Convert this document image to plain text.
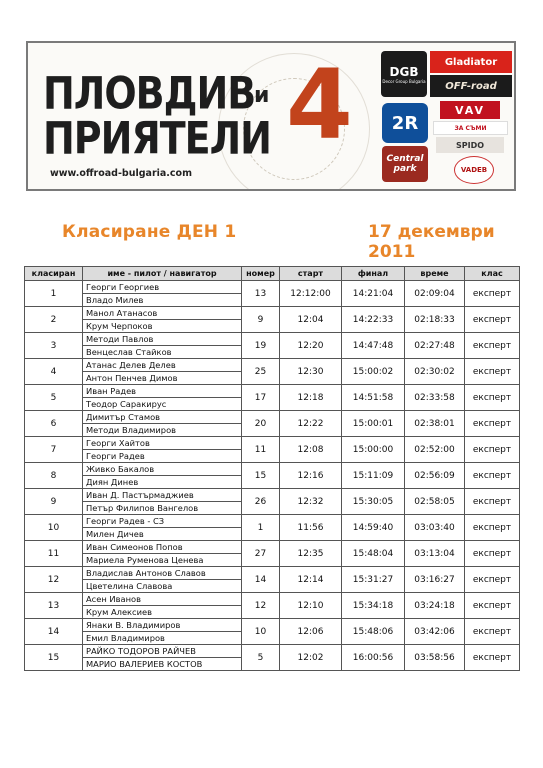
ПЛОВДИВ
и
ПРИЯТЕЛИ 4
www.offroad-bulgaria.com
DGB
Decor Group Bulgaria
Gladiator
OFF-road
2R
VAV
ЗА СЪМИ
SPIDO
Central park	VADEB
Класиране ДЕН 1	17 декември 2011
класиран	име - пилот / навигатор	номер	старт	финал	време	клас
1	Георги Георгиев	13	12:12:00	14:21:04	02:09:04	експерт
	Владо Милев					
2	Манол Атанасов	9	12:04	14:22:33	02:18:33	експерт
	Крум Черпоков					
3	Методи Павлов	19	12:20	14:47:48	02:27:48	експерт
	Венцеслав Стайков					
4	Атанас Делев Делев	25	12:30	15:00:02	02:30:02	експерт
	Антон Пенчев Димов					
5	Иван Радев	17	12:18	14:51:58	02:33:58	експерт
	Теодор Саракирус					
6	Димитър Стамов	20	12:22	15:00:01	02:38:01	експерт
	Методи Владимиров					
7	Георги Хайтов	11	12:08	15:00:00	02:52:00	експерт
	Георги Радев					
8	Живко Бакалов	15	12:16	15:11:09	02:56:09	експерт
	Диян Динев					
9	Иван Д. Пастърмаджиев	26	12:32	15:30:05	02:58:05	експерт
	Петър Филипов Вангелов					
10	Георги Радев - СЗ	1	11:56	14:59:40	03:03:40	експерт
	Милен Дичев					
11	Иван Симеонов Попов	27	12:35	15:48:04	03:13:04	експерт
	Мариела Руменова Ценева					
12	Владислав Антонов Славов	14	12:14	15:31:27	03:16:27	експерт
	Цветелина Славова					
13	Асен Иванов	12	12:10	15:34:18	03:24:18	експерт
	Крум Алексиев					
14	Янаки В. Владимиров	10	12:06	15:48:06	03:42:06	експерт
	Емил Владимиров					
15	РАЙКО ТОДОРОВ РАЙЧЕВ	5	12:02	16:00:56	03:58:56	експерт
	МАРИО ВАЛЕРИЕВ КОСТОВ					
